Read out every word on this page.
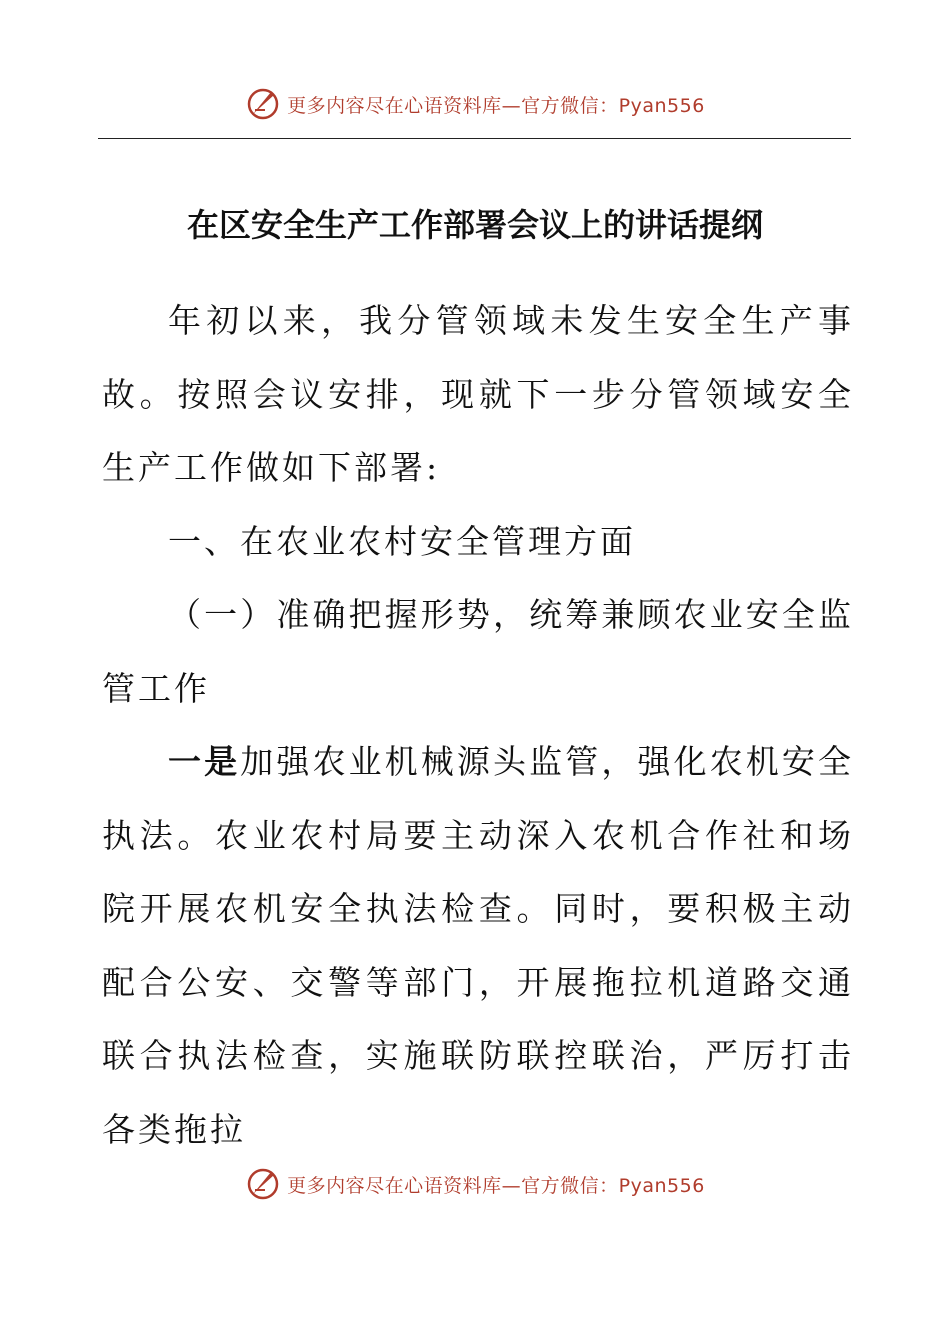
更多内容尽在心语资料库—官方微信：Pyan556
在区安全生产工作部署会议上的讲话提纲

年初以来，我分管领域未发生安全生产事故。按照会议安排，现就下一步分管领域安全生产工作做如下部署:

一、在农业农村安全管理方面

（一）准确把握形势，统筹兼顾农业安全监管工作

一是加强农业机械源头监管，强化农机安全执法。农业农村局要主动深入农机合作社和场院开展农机安全执法检查。同时，要积极主动配合公安、交警等部门，开展拖拉机道路交通联合执法检查，实施联防联控联治，严厉打击各类拖拉

更多内容尽在心语资料库—官方微信：Pyan556
